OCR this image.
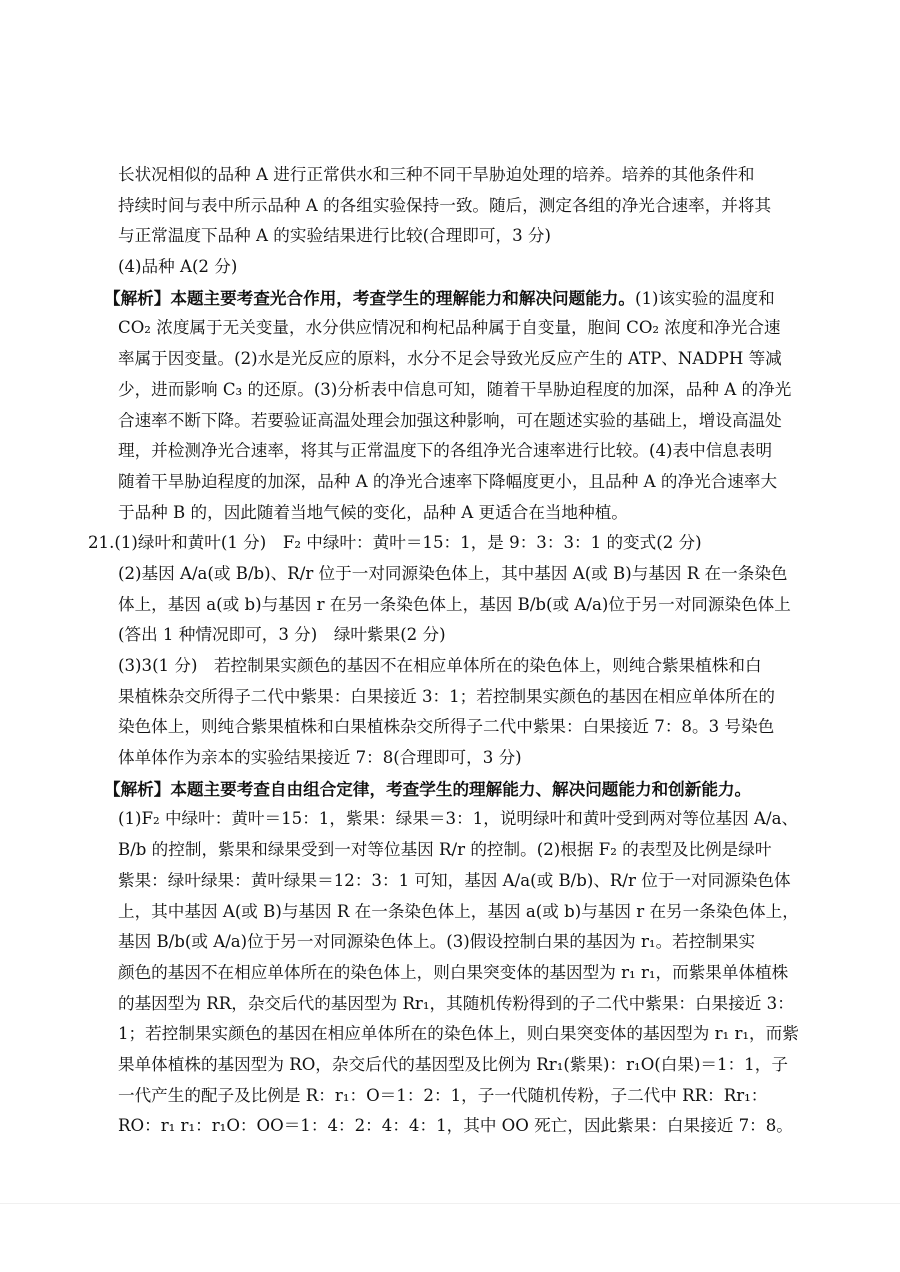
长状况相似的品种 A 进行正常供水和三种不同干旱胁迫处理的培养。培养的其他条件和
持续时间与表中所示品种 A 的各组实验保持一致。随后，测定各组的净光合速率，并将其
与正常温度下品种 A 的实验结果进行比较(合理即可，3 分)
(4)品种 A(2 分)
【解析】本题主要考查光合作用，考查学生的理解能力和解决问题能力。(1)该实验的温度和
CO₂ 浓度属于无关变量，水分供应情况和枸杞品种属于自变量，胞间 CO₂ 浓度和净光合速
率属于因变量。(2)水是光反应的原料，水分不足会导致光反应产生的 ATP、NADPH 等减
少，进而影响 C₃ 的还原。(3)分析表中信息可知，随着干旱胁迫程度的加深，品种 A 的净光
合速率不断下降。若要验证高温处理会加强这种影响，可在题述实验的基础上，增设高温处
理，并检测净光合速率，将其与正常温度下的各组净光合速率进行比较。(4)表中信息表明
随着干旱胁迫程度的加深，品种 A 的净光合速率下降幅度更小，且品种 A 的净光合速率大
于品种 B 的，因此随着当地气候的变化，品种 A 更适合在当地种植。
21.(1)绿叶和黄叶(1 分)　F₂ 中绿叶：黄叶＝15：1，是 9：3：3：1 的变式(2 分)
(2)基因 A/a(或 B/b)、R/r 位于一对同源染色体上，其中基因 A(或 B)与基因 R 在一条染色
体上，基因 a(或 b)与基因 r 在另一条染色体上，基因 B/b(或 A/a)位于另一对同源染色体上
(答出 1 种情况即可，3 分)　绿叶紫果(2 分)
(3)3(1 分)　若控制果实颜色的基因不在相应单体所在的染色体上，则纯合紫果植株和白
果植株杂交所得子二代中紫果：白果接近 3：1；若控制果实颜色的基因在相应单体所在的
染色体上，则纯合紫果植株和白果植株杂交所得子二代中紫果：白果接近 7：8。3 号染色
体单体作为亲本的实验结果接近 7：8(合理即可，3 分)
【解析】本题主要考查自由组合定律，考查学生的理解能力、解决问题能力和创新能力。
(1)F₂ 中绿叶：黄叶＝15：1，紫果：绿果＝3：1，说明绿叶和黄叶受到两对等位基因 A/a、
B/b 的控制，紫果和绿果受到一对等位基因 R/r 的控制。(2)根据 F₂ 的表型及比例是绿叶
紫果：绿叶绿果：黄叶绿果＝12：3：1 可知，基因 A/a(或 B/b)、R/r 位于一对同源染色体
上，其中基因 A(或 B)与基因 R 在一条染色体上，基因 a(或 b)与基因 r 在另一条染色体上，
基因 B/b(或 A/a)位于另一对同源染色体上。(3)假设控制白果的基因为 r₁。若控制果实
颜色的基因不在相应单体所在的染色体上，则白果突变体的基因型为 r₁ r₁，而紫果单体植株
的基因型为 RR，杂交后代的基因型为 Rr₁，其随机传粉得到的子二代中紫果：白果接近 3：
1；若控制果实颜色的基因在相应单体所在的染色体上，则白果突变体的基因型为 r₁ r₁，而紫
果单体植株的基因型为 RO，杂交后代的基因型及比例为 Rr₁(紫果)：r₁O(白果)＝1：1，子
一代产生的配子及比例是 R：r₁：O＝1：2：1，子一代随机传粉，子二代中 RR：Rr₁：
RO：r₁ r₁：r₁O：OO＝1：4：2：4：4：1，其中 OO 死亡，因此紫果：白果接近 7：8。
